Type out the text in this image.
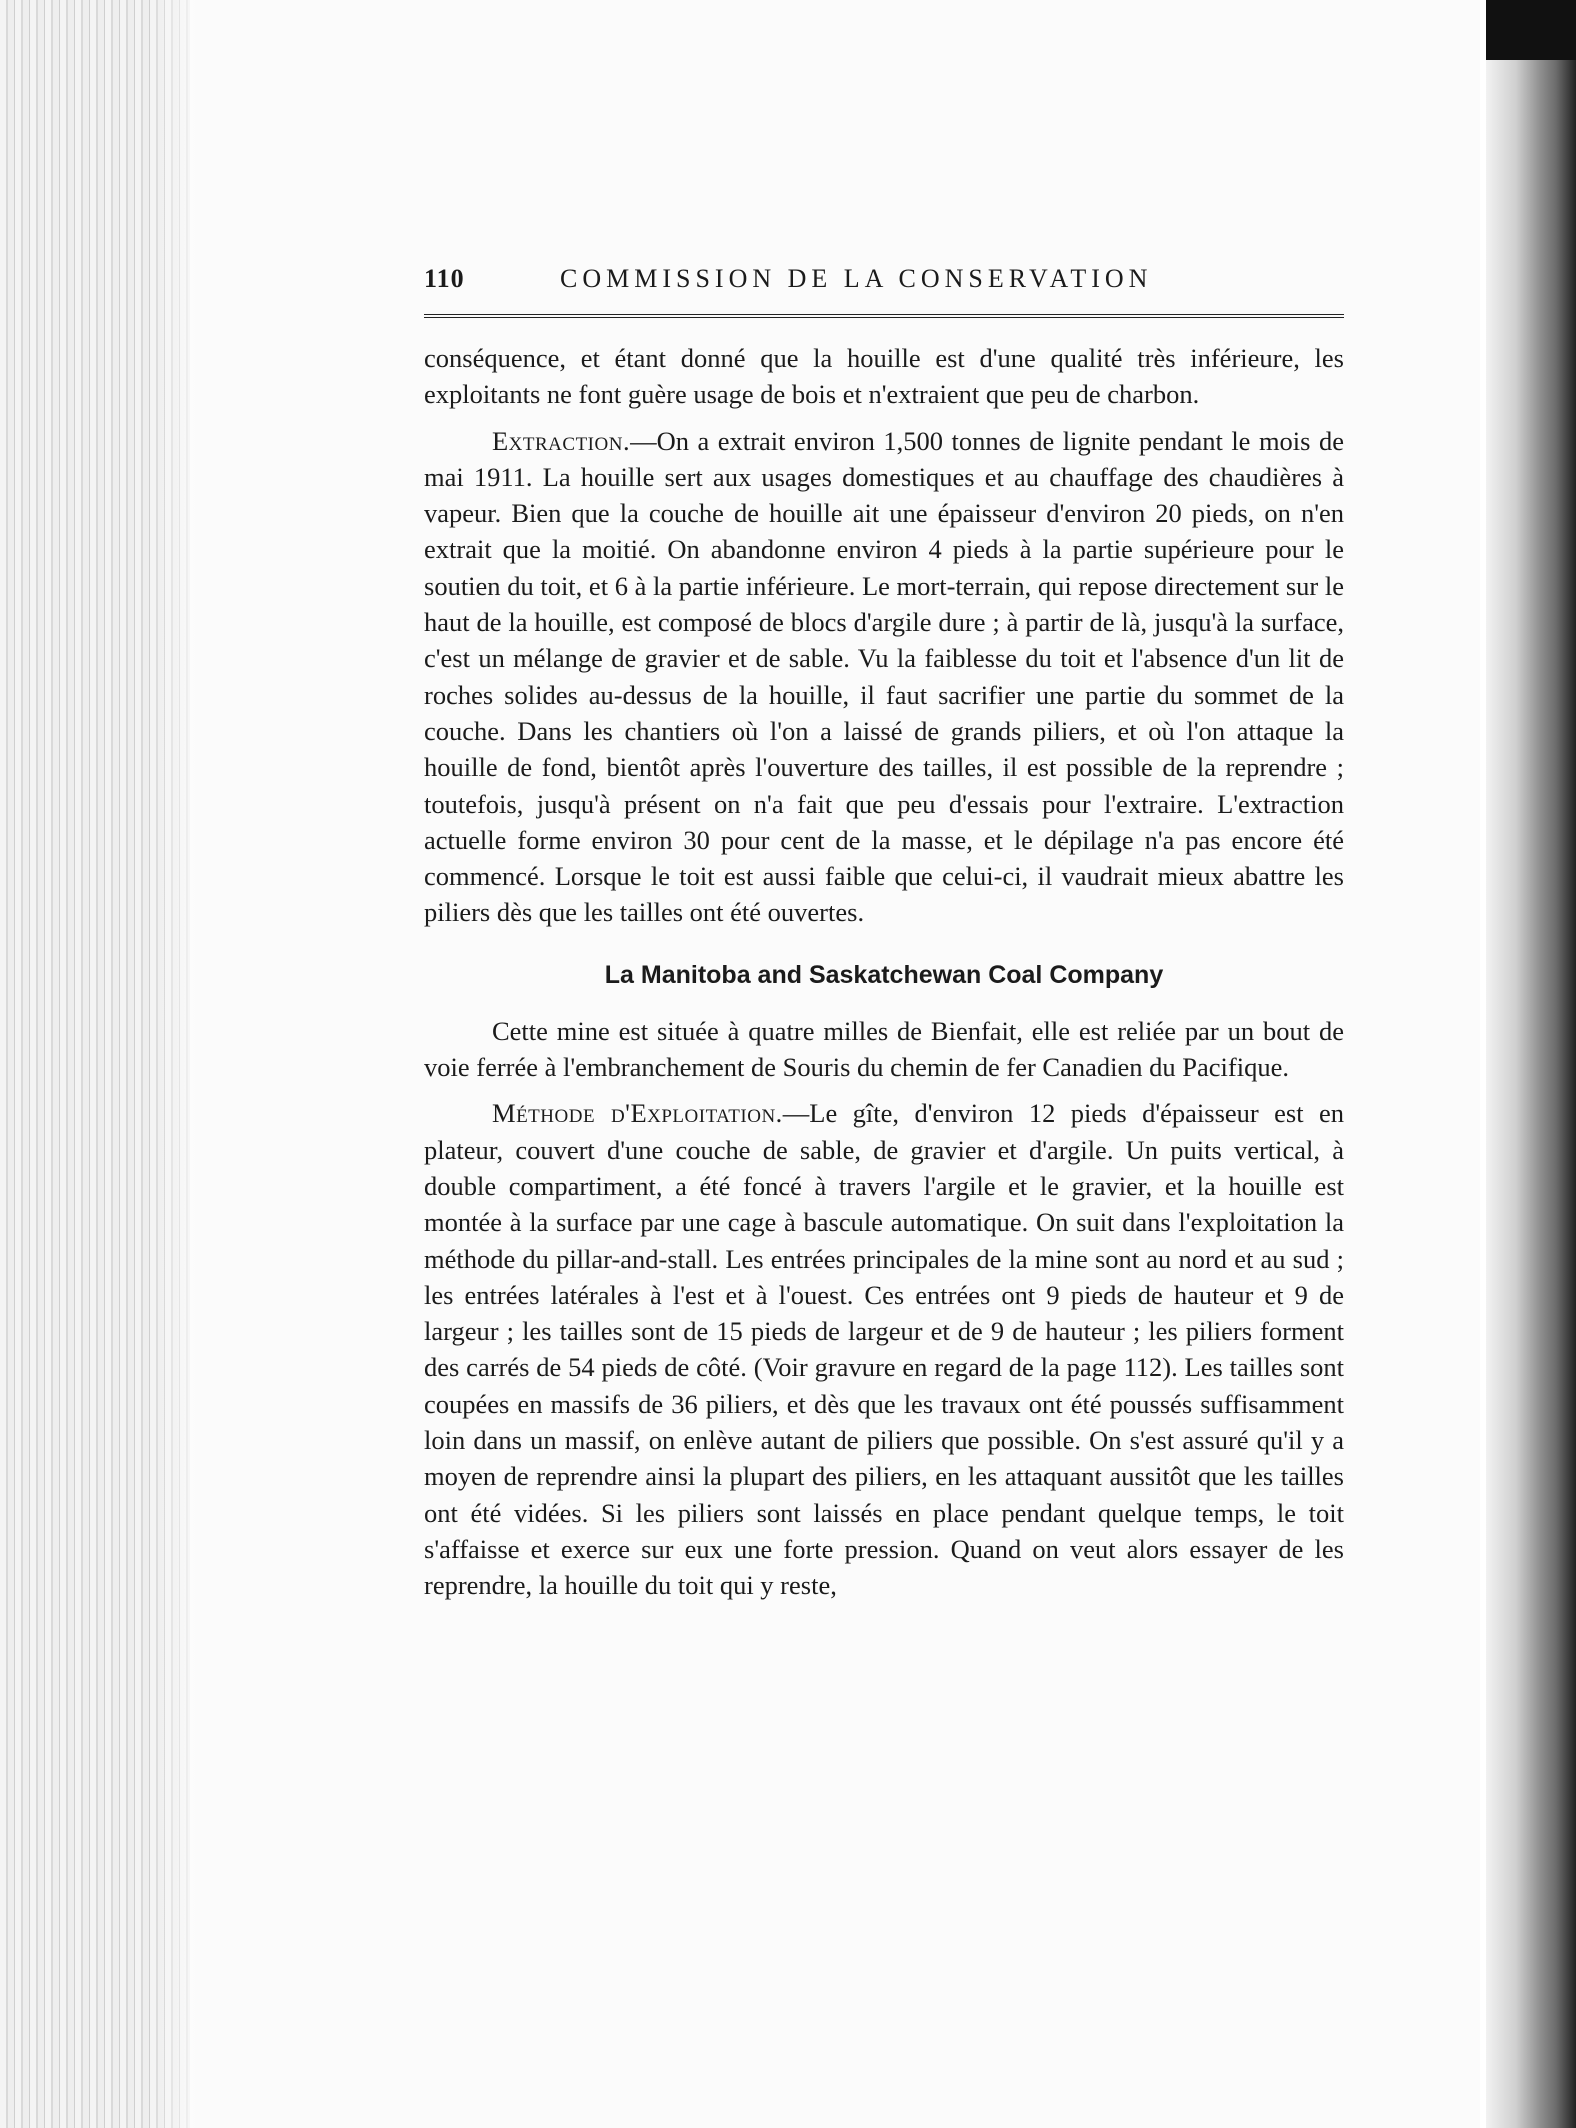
110	COMMISSION DE LA CONSERVATION

conséquence, et étant donné que la houille est d'une qualité très inférieure, les exploitants ne font guère usage de bois et n'extraient que peu de charbon.

Extraction.—On a extrait environ 1,500 tonnes de lignite pendant le mois de mai 1911. La houille sert aux usages domestiques et au chauffage des chaudières à vapeur. Bien que la couche de houille ait une épaisseur d'environ 20 pieds, on n'en extrait que la moitié. On abandonne environ 4 pieds à la partie supérieure pour le soutien du toit, et 6 à la partie inférieure. Le mort-terrain, qui repose directement sur le haut de la houille, est composé de blocs d'argile dure ; à partir de là, jusqu'à la surface, c'est un mélange de gravier et de sable. Vu la faiblesse du toit et l'absence d'un lit de roches solides au-dessus de la houille, il faut sacrifier une partie du sommet de la couche. Dans les chantiers où l'on a laissé de grands piliers, et où l'on attaque la houille de fond, bientôt après l'ouverture des tailles, il est possible de la reprendre ; toutefois, jusqu'à présent on n'a fait que peu d'essais pour l'extraire. L'extraction actuelle forme environ 30 pour cent de la masse, et le dépilage n'a pas encore été commencé. Lorsque le toit est aussi faible que celui-ci, il vaudrait mieux abattre les piliers dès que les tailles ont été ouvertes.

La Manitoba and Saskatchewan Coal Company

Cette mine est située à quatre milles de Bienfait, elle est reliée par un bout de voie ferrée à l'embranchement de Souris du chemin de fer Canadien du Pacifique.

Méthode d'Exploitation.—Le gîte, d'environ 12 pieds d'épaisseur est en plateur, couvert d'une couche de sable, de gravier et d'argile. Un puits vertical, à double compartiment, a été foncé à travers l'argile et le gravier, et la houille est montée à la surface par une cage à bascule automatique. On suit dans l'exploitation la méthode du pillar-and-stall. Les entrées principales de la mine sont au nord et au sud ; les entrées latérales à l'est et à l'ouest. Ces entrées ont 9 pieds de hauteur et 9 de largeur ; les tailles sont de 15 pieds de largeur et de 9 de hauteur ; les piliers forment des carrés de 54 pieds de côté. (Voir gravure en regard de la page 112). Les tailles sont coupées en massifs de 36 piliers, et dès que les travaux ont été poussés suffisamment loin dans un massif, on enlève autant de piliers que possible. On s'est assuré qu'il y a moyen de reprendre ainsi la plupart des piliers, en les attaquant aussitôt que les tailles ont été vidées. Si les piliers sont laissés en place pendant quelque temps, le toit s'affaisse et exerce sur eux une forte pression. Quand on veut alors essayer de les reprendre, la houille du toit qui y reste,
